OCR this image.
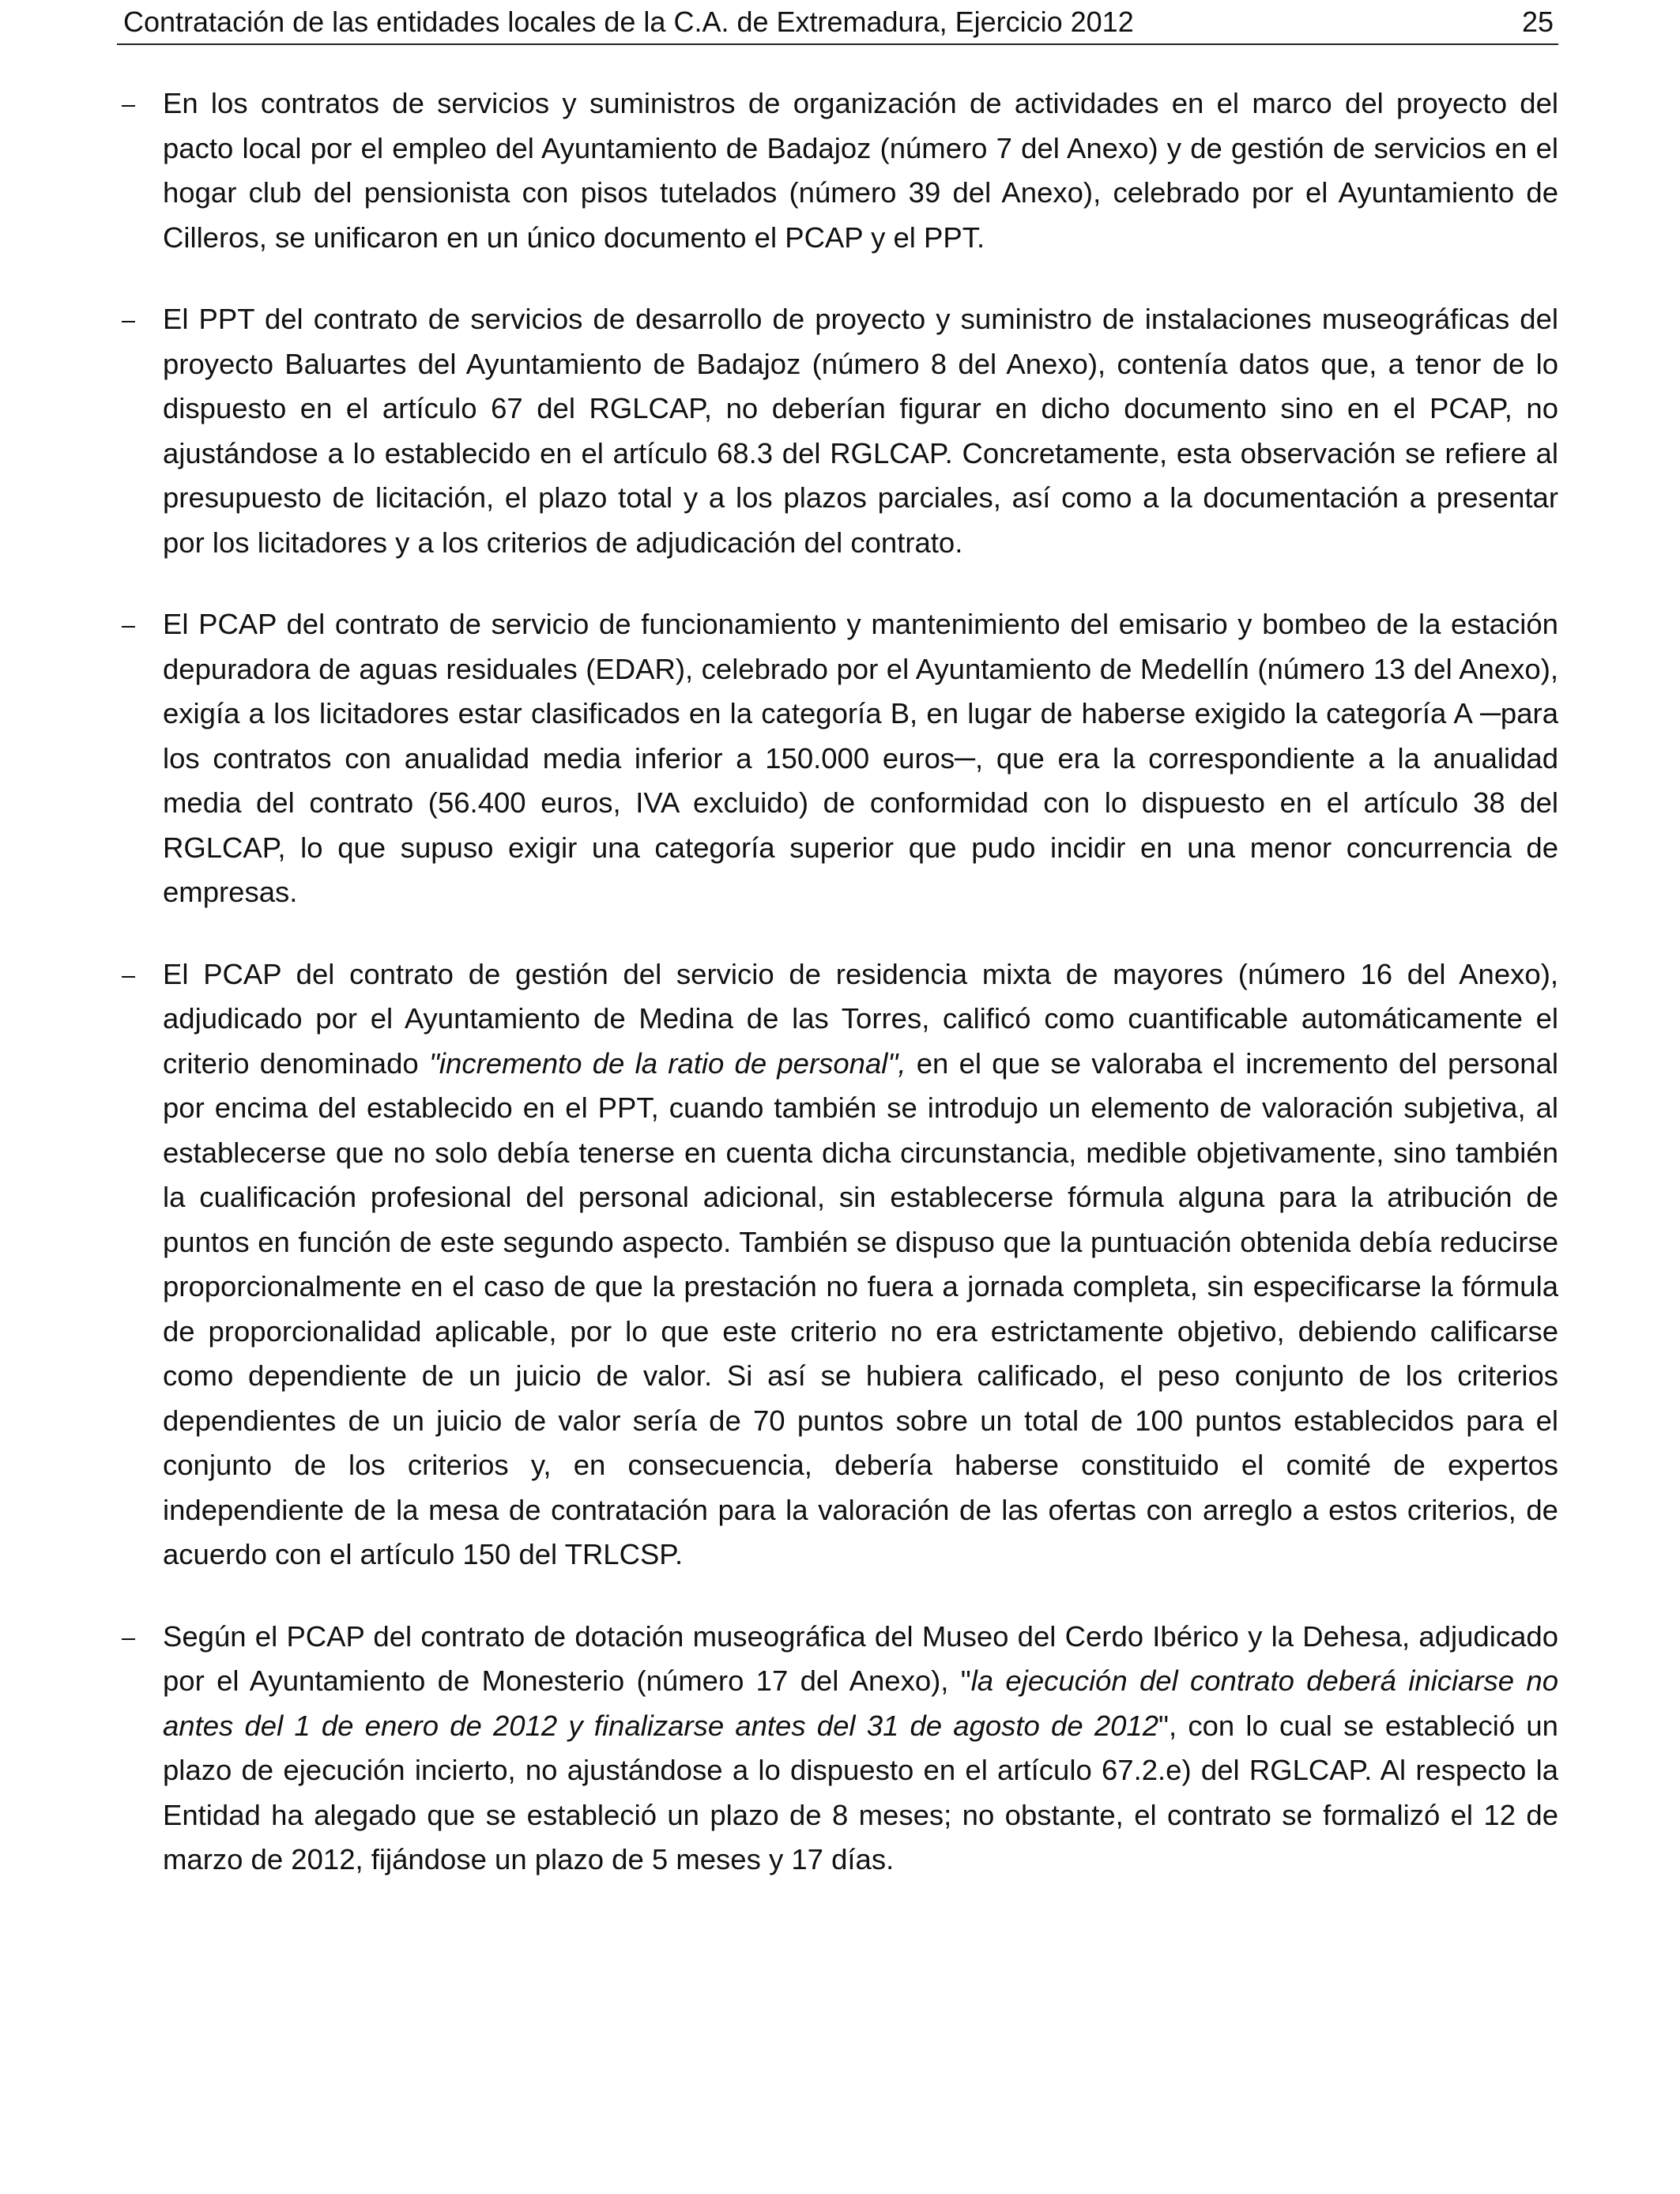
Contratación de las entidades locales de la C.A. de Extremadura, Ejercicio 2012	25
En los contratos de servicios y suministros de organización de actividades en el marco del proyecto del pacto local por el empleo del Ayuntamiento de Badajoz (número 7 del Anexo) y de gestión de servicios en el hogar club del pensionista con pisos tutelados (número 39 del Anexo), celebrado por el Ayuntamiento de Cilleros, se unificaron en un único documento el PCAP y el PPT.
El PPT del contrato de servicios de desarrollo de proyecto y suministro de instalaciones museográficas del proyecto Baluartes del Ayuntamiento de Badajoz (número 8 del Anexo), contenía datos que, a tenor de lo dispuesto en el artículo 67 del RGLCAP, no deberían figurar en dicho documento sino en el PCAP, no ajustándose a lo establecido en el artículo 68.3 del RGLCAP. Concretamente, esta observación se refiere al presupuesto de licitación, el plazo total y a los plazos parciales, así como a la documentación a presentar por los licitadores y a los criterios de adjudicación del contrato.
El PCAP del contrato de servicio de funcionamiento y mantenimiento del emisario y bombeo de la estación depuradora de aguas residuales (EDAR), celebrado por el Ayuntamiento de Medellín (número 13 del Anexo), exigía a los licitadores estar clasificados en la categoría B, en lugar de haberse exigido la categoría A ─para los contratos con anualidad media inferior a 150.000 euros─, que era la correspondiente a la anualidad media del contrato (56.400 euros, IVA excluido) de conformidad con lo dispuesto en el artículo 38 del RGLCAP, lo que supuso exigir una categoría superior que pudo incidir en una menor concurrencia de empresas.
El PCAP del contrato de gestión del servicio de residencia mixta de mayores (número 16 del Anexo), adjudicado por el Ayuntamiento de Medina de las Torres, calificó como cuantificable automáticamente el criterio denominado "incremento de la ratio de personal", en el que se valoraba el incremento del personal por encima del establecido en el PPT, cuando también se introdujo un elemento de valoración subjetiva, al establecerse que no solo debía tenerse en cuenta dicha circunstancia, medible objetivamente, sino también la cualificación profesional del personal adicional, sin establecerse fórmula alguna para la atribución de puntos en función de este segundo aspecto. También se dispuso que la puntuación obtenida debía reducirse proporcionalmente en el caso de que la prestación no fuera a jornada completa, sin especificarse la fórmula de proporcionalidad aplicable, por lo que este criterio no era estrictamente objetivo, debiendo calificarse como dependiente de un juicio de valor. Si así se hubiera calificado, el peso conjunto de los criterios dependientes de un juicio de valor sería de 70 puntos sobre un total de 100 puntos establecidos para el conjunto de los criterios y, en consecuencia, debería haberse constituido el comité de expertos independiente de la mesa de contratación para la valoración de las ofertas con arreglo a estos criterios, de acuerdo con el artículo 150 del TRLCSP.
Según el PCAP del contrato de dotación museográfica del Museo del Cerdo Ibérico y la Dehesa, adjudicado por el Ayuntamiento de Monesterio (número 17 del Anexo), "la ejecución del contrato deberá iniciarse no antes del 1 de enero de 2012 y finalizarse antes del 31 de agosto de 2012", con lo cual se estableció un plazo de ejecución incierto, no ajustándose a lo dispuesto en el artículo 67.2.e) del RGLCAP. Al respecto la Entidad ha alegado que se estableció un plazo de 8 meses; no obstante, el contrato se formalizó el 12 de marzo de 2012, fijándose un plazo de 5 meses y 17 días.
